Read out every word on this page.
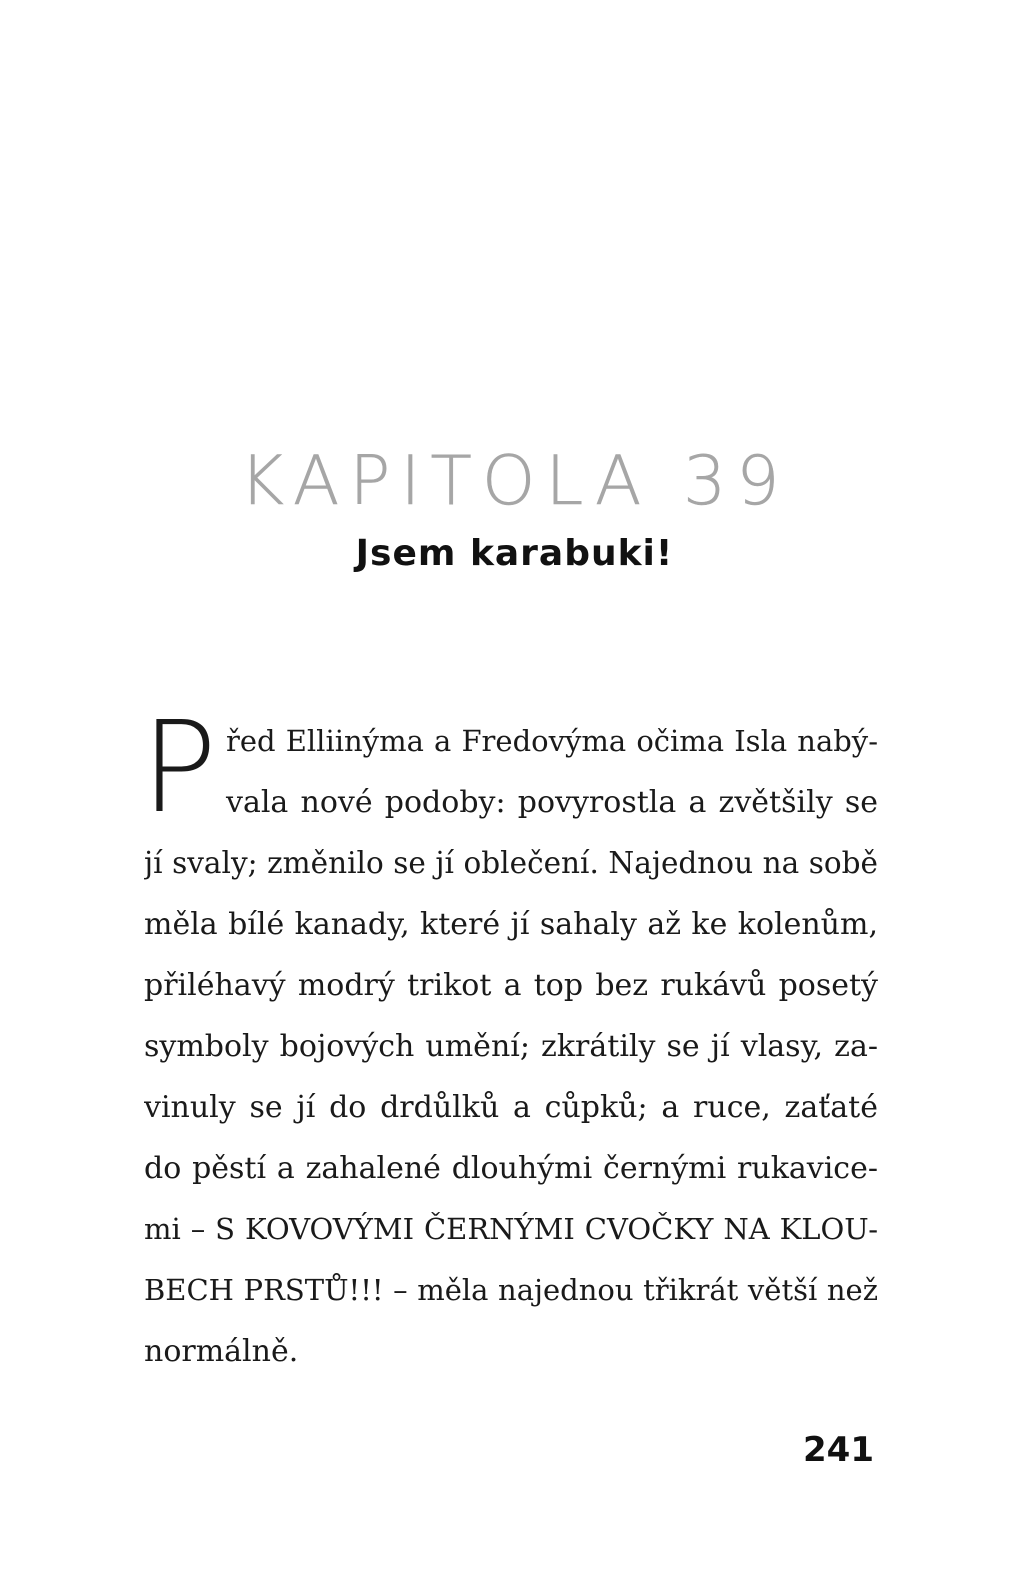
KAPITOLA 39
Jsem karabuki!
P řed Elliinýma a Fredovýma očima Isla nabý-
vala nové podoby: povyrostla a zvětšily se
jí svaly; změnilo se jí oblečení. Najednou na sobě
měla bílé kanady, které jí sahaly až ke kolenům,
přiléhavý modrý trikot a top bez rukávů posetý
symboly bojových umění; zkrátily se jí vlasy, za-
vinuly se jí do drdůlků a cůpků; a ruce, zaťaté
do pěstí a zahalené dlouhými černými rukavice-
mi – S KOVOVÝMI ČERNÝMI CVOČKY NA KLOU-
BECH PRSTŮ!!! – měla najednou třikrát větší než
normálně.
241
